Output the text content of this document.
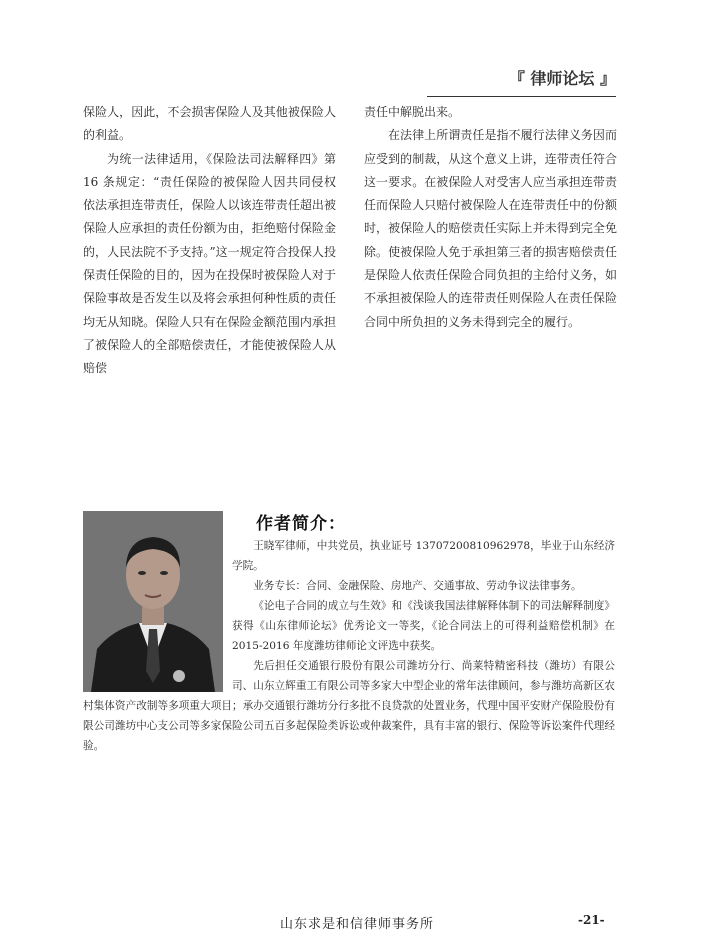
『 律师论坛 』

保险人，因此，不会损害保险人及其他被保险人的利益。

为统一法律适用，《保险法司法解释四》第 16 条规定：“责任保险的被保险人因共同侵权依法承担连带责任，保险人以该连带责任超出被保险人应承担的责任份额为由，拒绝赔付保险金的，人民法院不予支持。”这一规定符合投保人投保责任保险的目的，因为在投保时被保险人对于保险事故是否发生以及将会承担何种性质的责任均无从知晓。保险人只有在保险金额范围内承担了被保险人的全部赔偿责任，才能使被保险人从赔偿

责任中解脱出来。

在法律上所谓责任是指不履行法律义务因而应受到的制裁，从这个意义上讲，连带责任符合这一要求。在被保险人对受害人应当承担连带责任而保险人只赔付被保险人在连带责任中的份额时，被保险人的赔偿责任实际上并未得到完全免除。使被保险人免于承担第三者的损害赔偿责任是保险人依责任保险合同负担的主给付义务，如不承担被保险人的连带责任则保险人在责任保险合同中所负担的义务未得到完全的履行。

作者简介：

王晓军律师，中共党员，执业证号 13707200810962978，毕业于山东经济学院。

业务专长：合同、金融保险、房地产、交通事故、劳动争议法律事务。

《论电子合同的成立与生效》和《浅谈我国法律解释体制下的司法解释制度》获得《山东律师论坛》优秀论文一等奖，《论合同法上的可得利益赔偿机制》在 2015-2016 年度潍坊律师论文评选中获奖。

先后担任交通银行股份有限公司潍坊分行、尚莱特精密科技（潍坊）有限公司、山东立辉重工有限公司等多家大中型企业的常年法律顾问，参与潍坊高新区农村集体资产改制等多项重大项目；承办交通银行潍坊分行多批不良贷款的处置业务，代理中国平安财产保险股份有限公司潍坊中心支公司等多家保险公司五百多起保险类诉讼或仲裁案件，具有丰富的银行、保险等诉讼案件代理经验。

山东求是和信律师事务所	-21-
